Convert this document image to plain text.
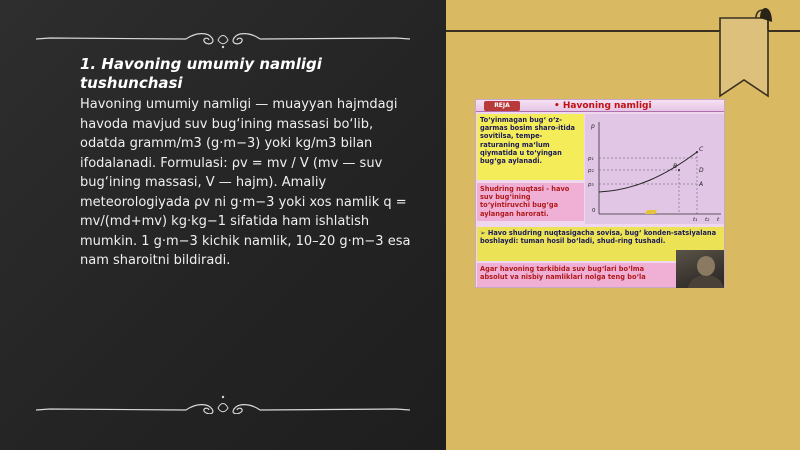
1. Havoning umumiy namligi tushunchasi
Havoning umumiy namligi — muayyan hajmdagi havoda mavjud suv bug‘ining massasi bo‘lib, odatda gramm/m3 (g·m−3) yoki kg/m3 bilan ifodalanadi. Formulasi: ρv = mv / V (mv — suv bug‘ining massasi, V — hajm). Amaliy meteorologiyada ρv ni g·m−3 yoki xos namlik q = mv/(md+mv) kg·kg−1 sifatida ham ishlatish mumkin. 1 g·m−3 kichik namlik, 10–20 g·m−3 esa nam sharoitni bildiradi.
REJA	• Havoning namligi
To‘yinmagan bug‘ o‘z-garmas bosim sharo-itida sovitilsa, tempe-raturaning ma‘lum qiymatida u to‘yingan bug‘ga aylanadi.
Shudring nuqtasi - havo suv bug‘ining to‘yintiruvchi bug‘ga aylangan harorati.
p
p₁
p₂
p₃
C
B
D
A
0
t₁ t₂ t
➢ Havo shudring nuqtasigacha sovisa, bug‘ konden-satsiyalana boshlaydi: tuman hosil bo‘ladi, shud-ring tushadi.
Agar havoning tarkibida suv bug‘lari bo‘lma absolut va nisbiy namliklari nolga teng bo‘la
